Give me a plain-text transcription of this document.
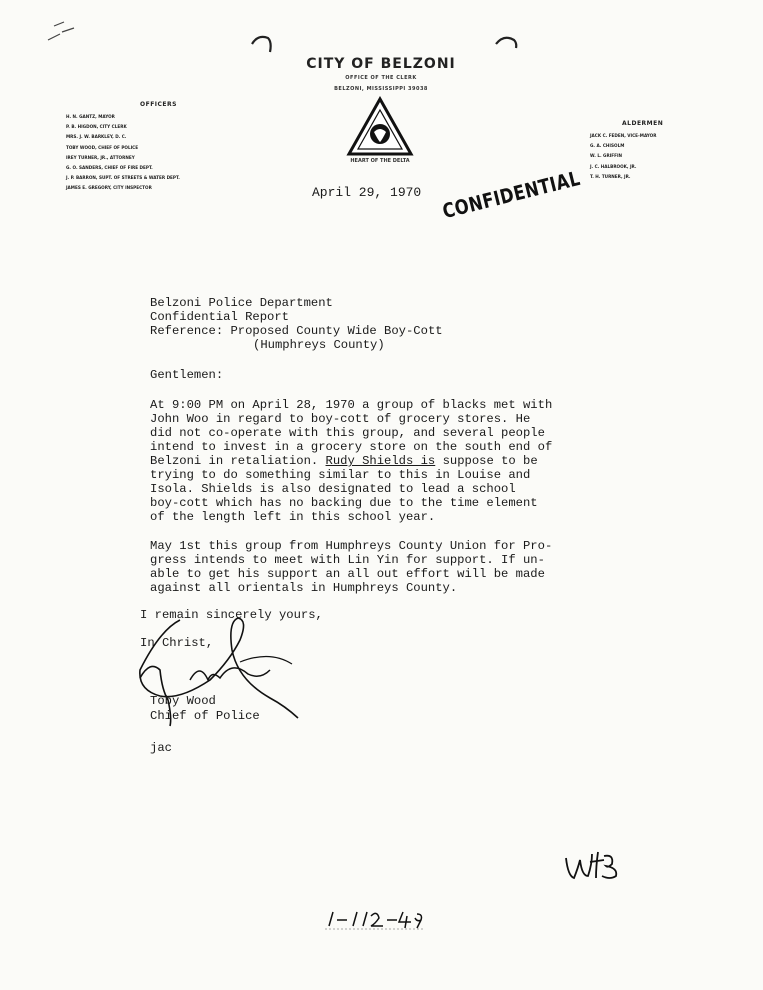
CITY OF BELZONI
OFFICE OF THE CLERK
BELZONI, MISSISSIPPI 39038
HEART OF THE DELTA
OFFICERS
H. N. GANTZ, MAYOR
P. B. HIGDON, CITY CLERK
MRS. J. W. BARKLEY, D. C.
TOBY WOOD, CHIEF OF POLICE
IREY TURNER, JR., ATTORNEY
G. O. SANDERS, CHIEF OF FIRE DEPT.
J. P. BARRON, SUPT. OF STREETS & WATER DEPT.
JAMES E. GREGORY, CITY INSPECTOR
ALDERMEN
JACK C. FEDEN, VICE-MAYOR
G. A. CHISOLM
W. L. GRIFFIN
J. C. HALBROOK, JR.
T. H. TURNER, JR.
April 29, 1970 CONFIDENTIAL
Belzoni Police Department
Confidential Report
Reference: Proposed County Wide Boy-Cott
(Humphreys County)
Gentlemen:
At 9:00 PM on April 28, 1970 a group of blacks met with
John Woo in regard to boy-cott of grocery stores. He
did not co-operate with this group, and several people
intend to invest in a grocery store on the south end of
Belzoni in retaliation. Rudy Shields is suppose to be
trying to do something similar to this in Louise and
Isola. Shields is also designated to lead a school
boy-cott which has no backing due to the time element
of the length left in this school year.
May 1st this group from Humphreys County Union for Pro-
gress intends to meet with Lin Yin for support. If un-
able to get his support an all out effort will be made
against all orientals in Humphreys County.
I remain sincerely yours,
In Christ,
Toby Wood
Chief of Police
jac
